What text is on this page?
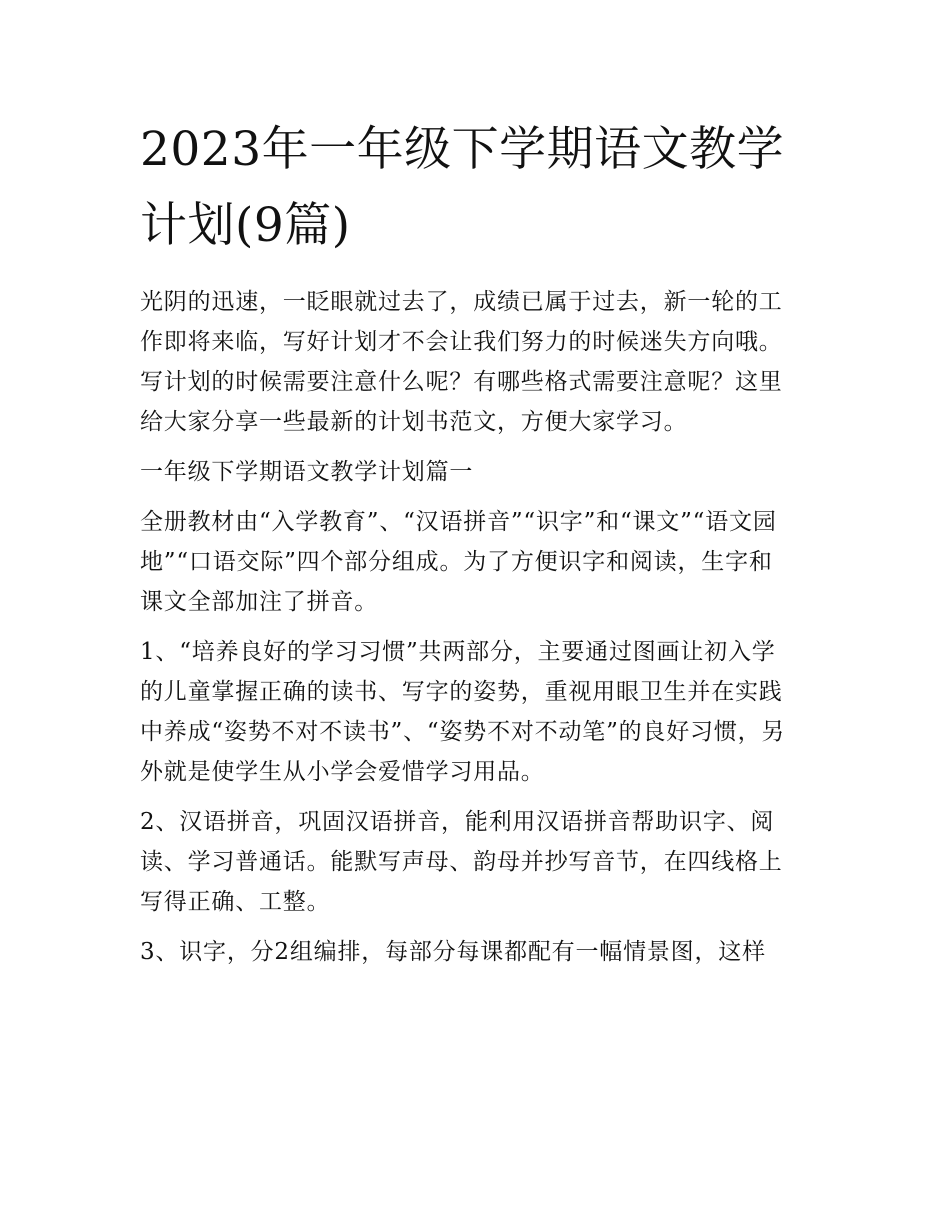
2023年一年级下学期语文教学
计划(9篇)

光阴的迅速，一眨眼就过去了，成绩已属于过去，新一轮的工
作即将来临，写好计划才不会让我们努力的时候迷失方向哦。
写计划的时候需要注意什么呢？有哪些格式需要注意呢？这里
给大家分享一些最新的计划书范文，方便大家学习。

一年级下学期语文教学计划篇一

全册教材由“入学教育”、“汉语拼音”“识字”和“课文”“语文园
地”“口语交际”四个部分组成。为了方便识字和阅读，生字和
课文全部加注了拼音。

1、“培养良好的学习习惯”共两部分，主要通过图画让初入学
的儿童掌握正确的读书、写字的姿势，重视用眼卫生并在实践
中养成“姿势不对不读书”、“姿势不对不动笔”的良好习惯，另
外就是使学生从小学会爱惜学习用品。

2、汉语拼音，巩固汉语拼音，能利用汉语拼音帮助识字、阅
读、学习普通话。能默写声母、韵母并抄写音节，在四线格上
写得正确、工整。

3、识字，分2组编排，每部分每课都配有一幅情景图，这样
